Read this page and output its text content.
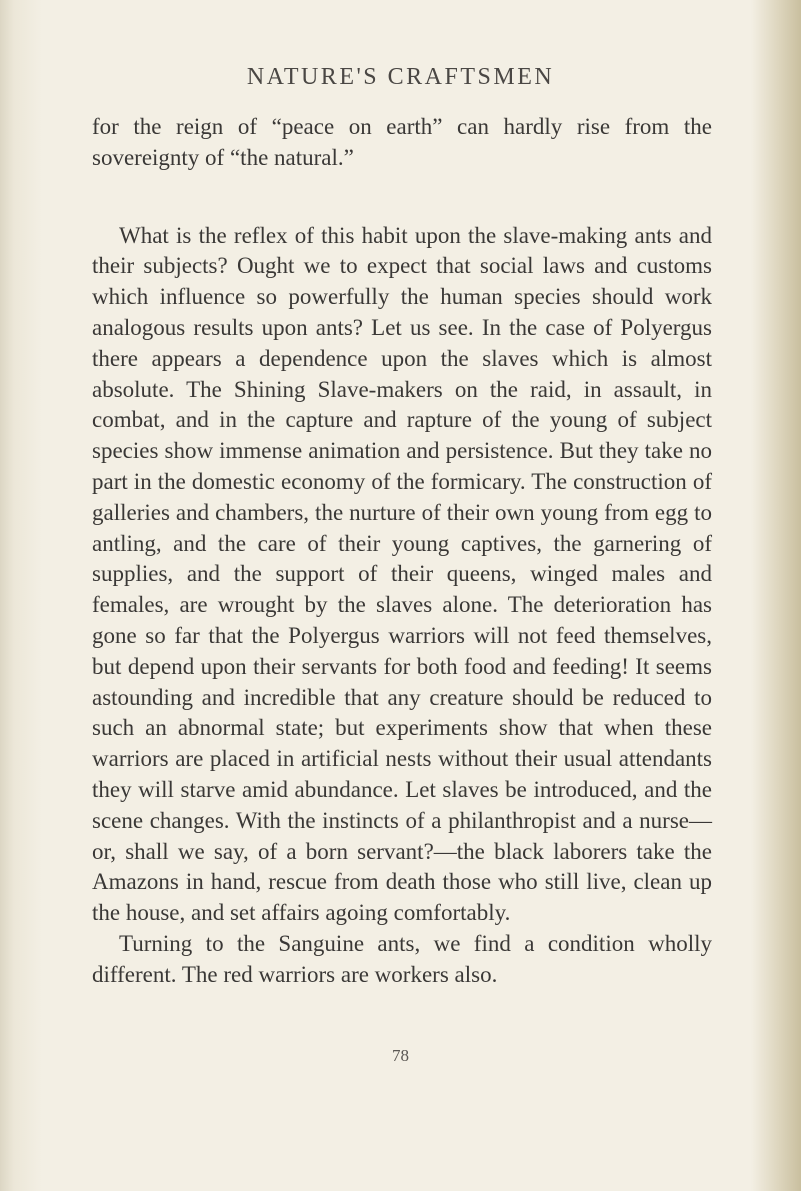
NATURE'S CRAFTSMEN

for the reign of “peace on earth” can hardly rise from the sovereignty of “the natural.”

What is the reflex of this habit upon the slave-making ants and their subjects? Ought we to expect that social laws and customs which influence so powerfully the human species should work analogous results upon ants? Let us see. In the case of Polyergus there appears a dependence upon the slaves which is almost absolute. The Shining Slave-makers on the raid, in assault, in combat, and in the capture and rapture of the young of subject species show immense animation and persistence. But they take no part in the domestic economy of the formicary. The construction of galleries and chambers, the nurture of their own young from egg to antling, and the care of their young captives, the garnering of supplies, and the support of their queens, winged males and females, are wrought by the slaves alone. The deterioration has gone so far that the Polyergus warriors will not feed themselves, but depend upon their servants for both food and feeding! It seems astounding and incredible that any creature should be reduced to such an abnormal state; but experiments show that when these warriors are placed in artificial nests without their usual attendants they will starve amid abundance. Let slaves be introduced, and the scene changes. With the instincts of a philanthropist and a nurse—or, shall we say, of a born servant?—the black laborers take the Amazons in hand, rescue from death those who still live, clean up the house, and set affairs agoing comfortably.

Turning to the Sanguine ants, we find a condition wholly different. The red warriors are workers also.

78
